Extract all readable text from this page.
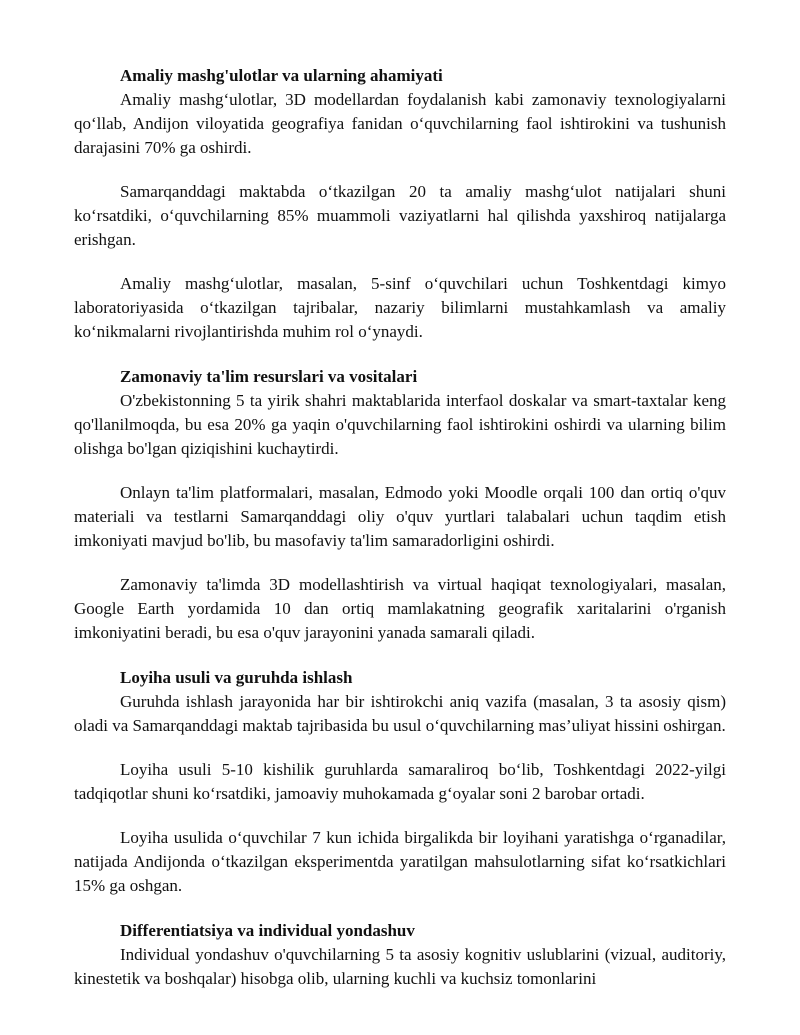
Amaliy mashg'ulotlar va ularning ahamiyati

Amaliy mashg‘ulotlar, 3D modellardan foydalanish kabi zamonaviy texnologiyalarni qo‘llab, Andijon viloyatida geografiya fanidan o‘quvchilarning faol ishtirokini va tushunish darajasini 70% ga oshirdi.

Samarqanddagi maktabda o‘tkazilgan 20 ta amaliy mashg‘ulot natijalari shuni ko‘rsatdiki, o‘quvchilarning 85% muammoli vaziyatlarni hal qilishda yaxshiroq natijalarga erishgan.

Amaliy mashg‘ulotlar, masalan, 5-sinf o‘quvchilari uchun Toshkentdagi kimyo laboratoriyasida o‘tkazilgan tajribalar, nazariy bilimlarni mustahkamlash va amaliy ko‘nikmalarni rivojlantirishda muhim rol o‘ynaydi.

Zamonaviy ta'lim resurslari va vositalari

O'zbekistonning 5 ta yirik shahri maktablarida interfaol doskalar va smart-taxtalar keng qo'llanilmoqda, bu esa 20% ga yaqin o'quvchilarning faol ishtirokini oshirdi va ularning bilim olishga bo'lgan qiziqishini kuchaytirdi.

Onlayn ta'lim platformalari, masalan, Edmodo yoki Moodle orqali 100 dan ortiq o'quv materiali va testlarni Samarqanddagi oliy o'quv yurtlari talabalari uchun taqdim etish imkoniyati mavjud bo'lib, bu masofaviy ta'lim samaradorligini oshirdi.

Zamonaviy ta'limda 3D modellashtirish va virtual haqiqat texnologiyalari, masalan, Google Earth yordamida 10 dan ortiq mamlakatning geografik xaritalarini o'rganish imkoniyatini beradi, bu esa o'quv jarayonini yanada samarali qiladi.

Loyiha usuli va guruhda ishlash

Guruhda ishlash jarayonida har bir ishtirokchi aniq vazifa (masalan, 3 ta asosiy qism) oladi va Samarqanddagi maktab tajribasida bu usul o‘quvchilarning mas’uliyat hissini oshirgan.

Loyiha usuli 5-10 kishilik guruhlarda samaraliroq bo‘lib, Toshkentdagi 2022-yilgi tadqiqotlar shuni ko‘rsatdiki, jamoaviy muhokamada g‘oyalar soni 2 barobar ortadi.

Loyiha usulida o‘quvchilar 7 kun ichida birgalikda bir loyihani yaratishga o‘rganadilar, natijada Andijonda o‘tkazilgan eksperimentda yaratilgan mahsulotlarning sifat ko‘rsatkichlari 15% ga oshgan.

Differentiatsiya va individual yondashuv

Individual yondashuv o'quvchilarning 5 ta asosiy kognitiv uslublarini (vizual, auditoriy, kinestetik va boshqalar) hisobga olib, ularning kuchli va kuchsiz tomonlarini
